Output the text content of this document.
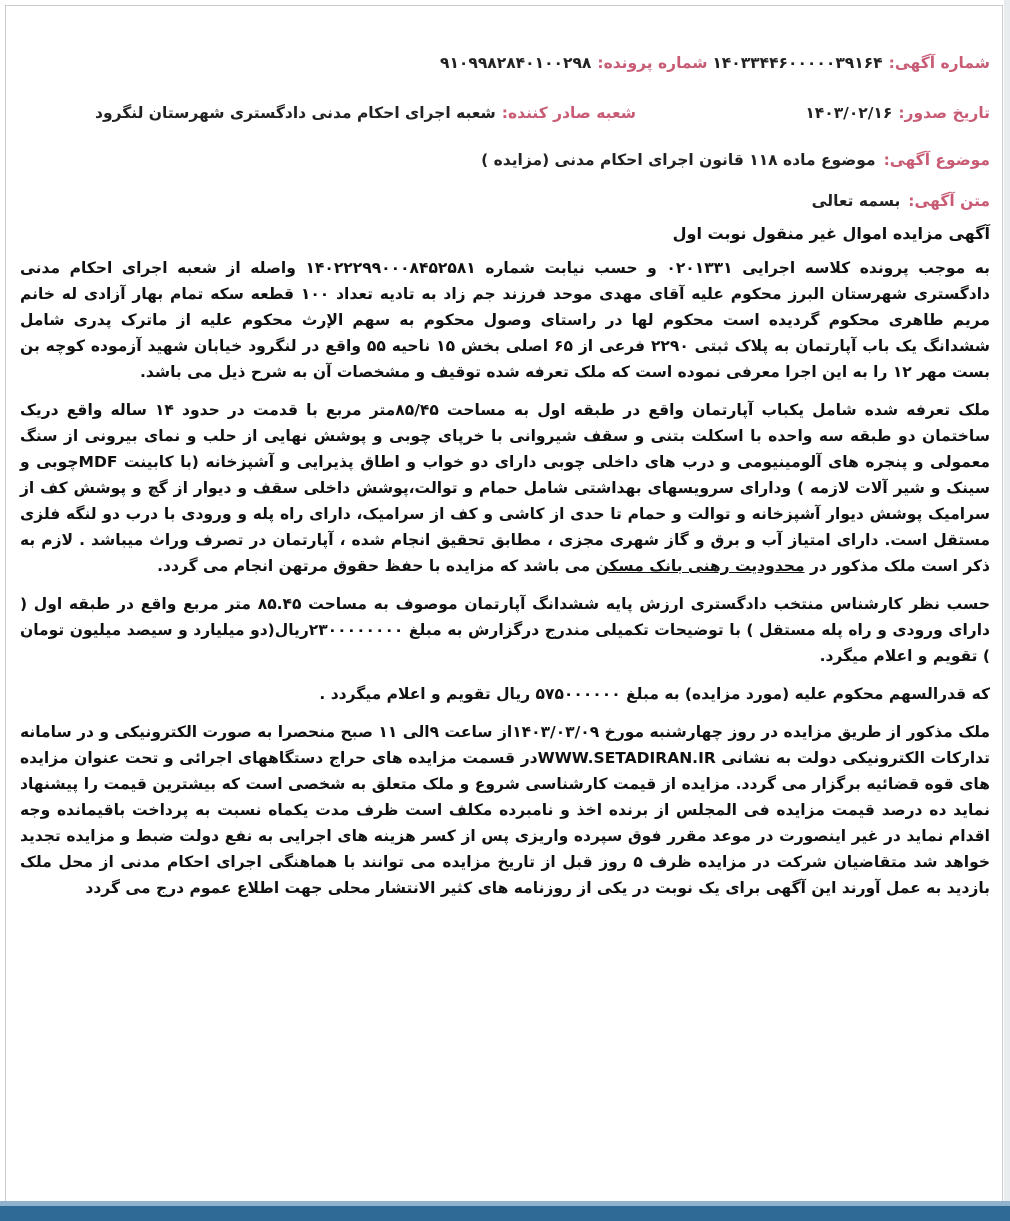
شماره آگهی:
۱۴۰۳۳۴۴۶۰۰۰۰۰۳۹۱۶۴
شماره پرونده:
۹۱۰۹۹۸۲۸۴۰۱۰۰۲۹۸
تاریخ صدور:
۱۴۰۳/۰۲/۱۶
شعبه صادر کننده:
شعبه اجرای احکام مدنی دادگستری شهرستان لنگرود
موضوع آگهی:
موضوع ماده ۱۱۸ قانون اجرای احکام مدنی (مزایده )
متن آگهی:
بسمه تعالی
آگهی مزایده اموال غیر منقول نوبت اول

به موجب پرونده کلاسه اجرایی ۰۲۰۱۳۳۱ و حسب نیابت شماره ۱۴۰۲۲۲۹۹۰۰۰۸۴۵۲۵۸۱ واصله از شعبه اجرای احکام مدنی دادگستری شهرستان البرز محکوم علیه آقای مهدی موحد فرزند جم زاد به تادیه تعداد ۱۰۰ قطعه سکه تمام بهار آزادی له خانم مریم طاهری محکوم گردیده است محکوم لها در راستای وصول محکوم به سهم الإرث محکوم علیه از ماترک پدری شامل ششدانگ یک باب آپارتمان به پلاک ثبتی ۲۲۹۰ فرعی از ۶۵ اصلی بخش ۱۵ ناحیه ۵۵ واقع در لنگرود خیابان شهید آزموده کوچه بن بست مهر ۱۲ را به این اجرا معرفی نموده است که ملک تعرفه شده توقیف و مشخصات آن به شرح ذیل می باشد.

ملک تعرفه شده شامل یکباب آپارتمان واقع در طبقه اول به مساحت ۸۵/۴۵متر مربع با قدمت در حدود ۱۴ ساله واقع دریک ساختمان دو طبقه سه واحده با اسکلت بتنی و سقف شیروانی با خرپای چوبی و پوشش نهایی از حلب و نمای بیرونی از سنگ معمولی و پنجره های آلومینیومی و درب های داخلی چوبی دارای دو خواب و اطاق پذیرایی و آشپزخانه (با کابینت MDFچوبی و سینک و شیر آلات لازمه ) ودارای سرویسهای بهداشتی شامل حمام و توالت،پوشش داخلی سقف و دیوار از گچ و پوشش کف از سرامیک پوشش دیوار آشپزخانه و توالت و حمام تا حدی از کاشی و کف از سرامیک، دارای راه پله و ورودی با درب دو لنگه فلزی مستقل است. دارای امتیاز آب و برق و گاز شهری مجزی ، مطابق تحقیق انجام شده ، آپارتمان در تصرف وراث میباشد . لازم به ذکر است ملک مذکور در محدودیت رهنی بانک مسکن می باشد که مزایده با حفظ حقوق مرتهن انجام می گردد.

حسب نظر کارشناس منتخب دادگستری ارزش پایه ششدانگ آپارتمان موصوف به مساحت ۸۵.۴۵ متر مربع واقع در طبقه اول ( دارای ورودی و راه پله مستقل ) با توضیحات تکمیلی مندرج درگزارش به مبلغ ۲۳۰۰۰۰۰۰۰۰ریال(دو میلیارد و سیصد میلیون تومان ) تقویم و اعلام میگرد.

که قدرالسهم محکوم علیه (مورد مزایده) به مبلغ ۵۷۵۰۰۰۰۰۰ ریال تقویم و اعلام میگردد .

ملک مذکور از طریق مزایده در روز چهارشنبه مورخ ۱۴۰۳/۰۳/۰۹از ساعت ۹الی ۱۱ صبح منحصرا به صورت الکترونیکی و در سامانه تدارکات الکترونیکی دولت به نشانی WWW.SETADIRAN.IRدر قسمت مزایده های حراج دستگاههای اجرائی و تحت عنوان مزایده های قوه قضائیه برگزار می گردد. مزایده از قیمت کارشناسی شروع و ملک متعلق به شخصی است که بیشترین قیمت را پیشنهاد نماید ده درصد قیمت مزایده فی المجلس از برنده اخذ و نامبرده مکلف است ظرف مدت یکماه نسبت به پرداخت باقیمانده وجه اقدام نماید در غیر اینصورت در موعد مقرر فوق سپرده واریزی پس از کسر هزینه های اجرایی به نفع دولت ضبط و مزایده تجدید خواهد شد متقاضیان شرکت در مزایده ظرف ۵ روز قبل از تاریخ مزایده می توانند با هماهنگی اجرای احکام مدنی از محل ملک بازدید به عمل آورند این آگهی برای یک نوبت در یکی از روزنامه های کثیر الانتشار محلی جهت اطلاع عموم درج می گردد
